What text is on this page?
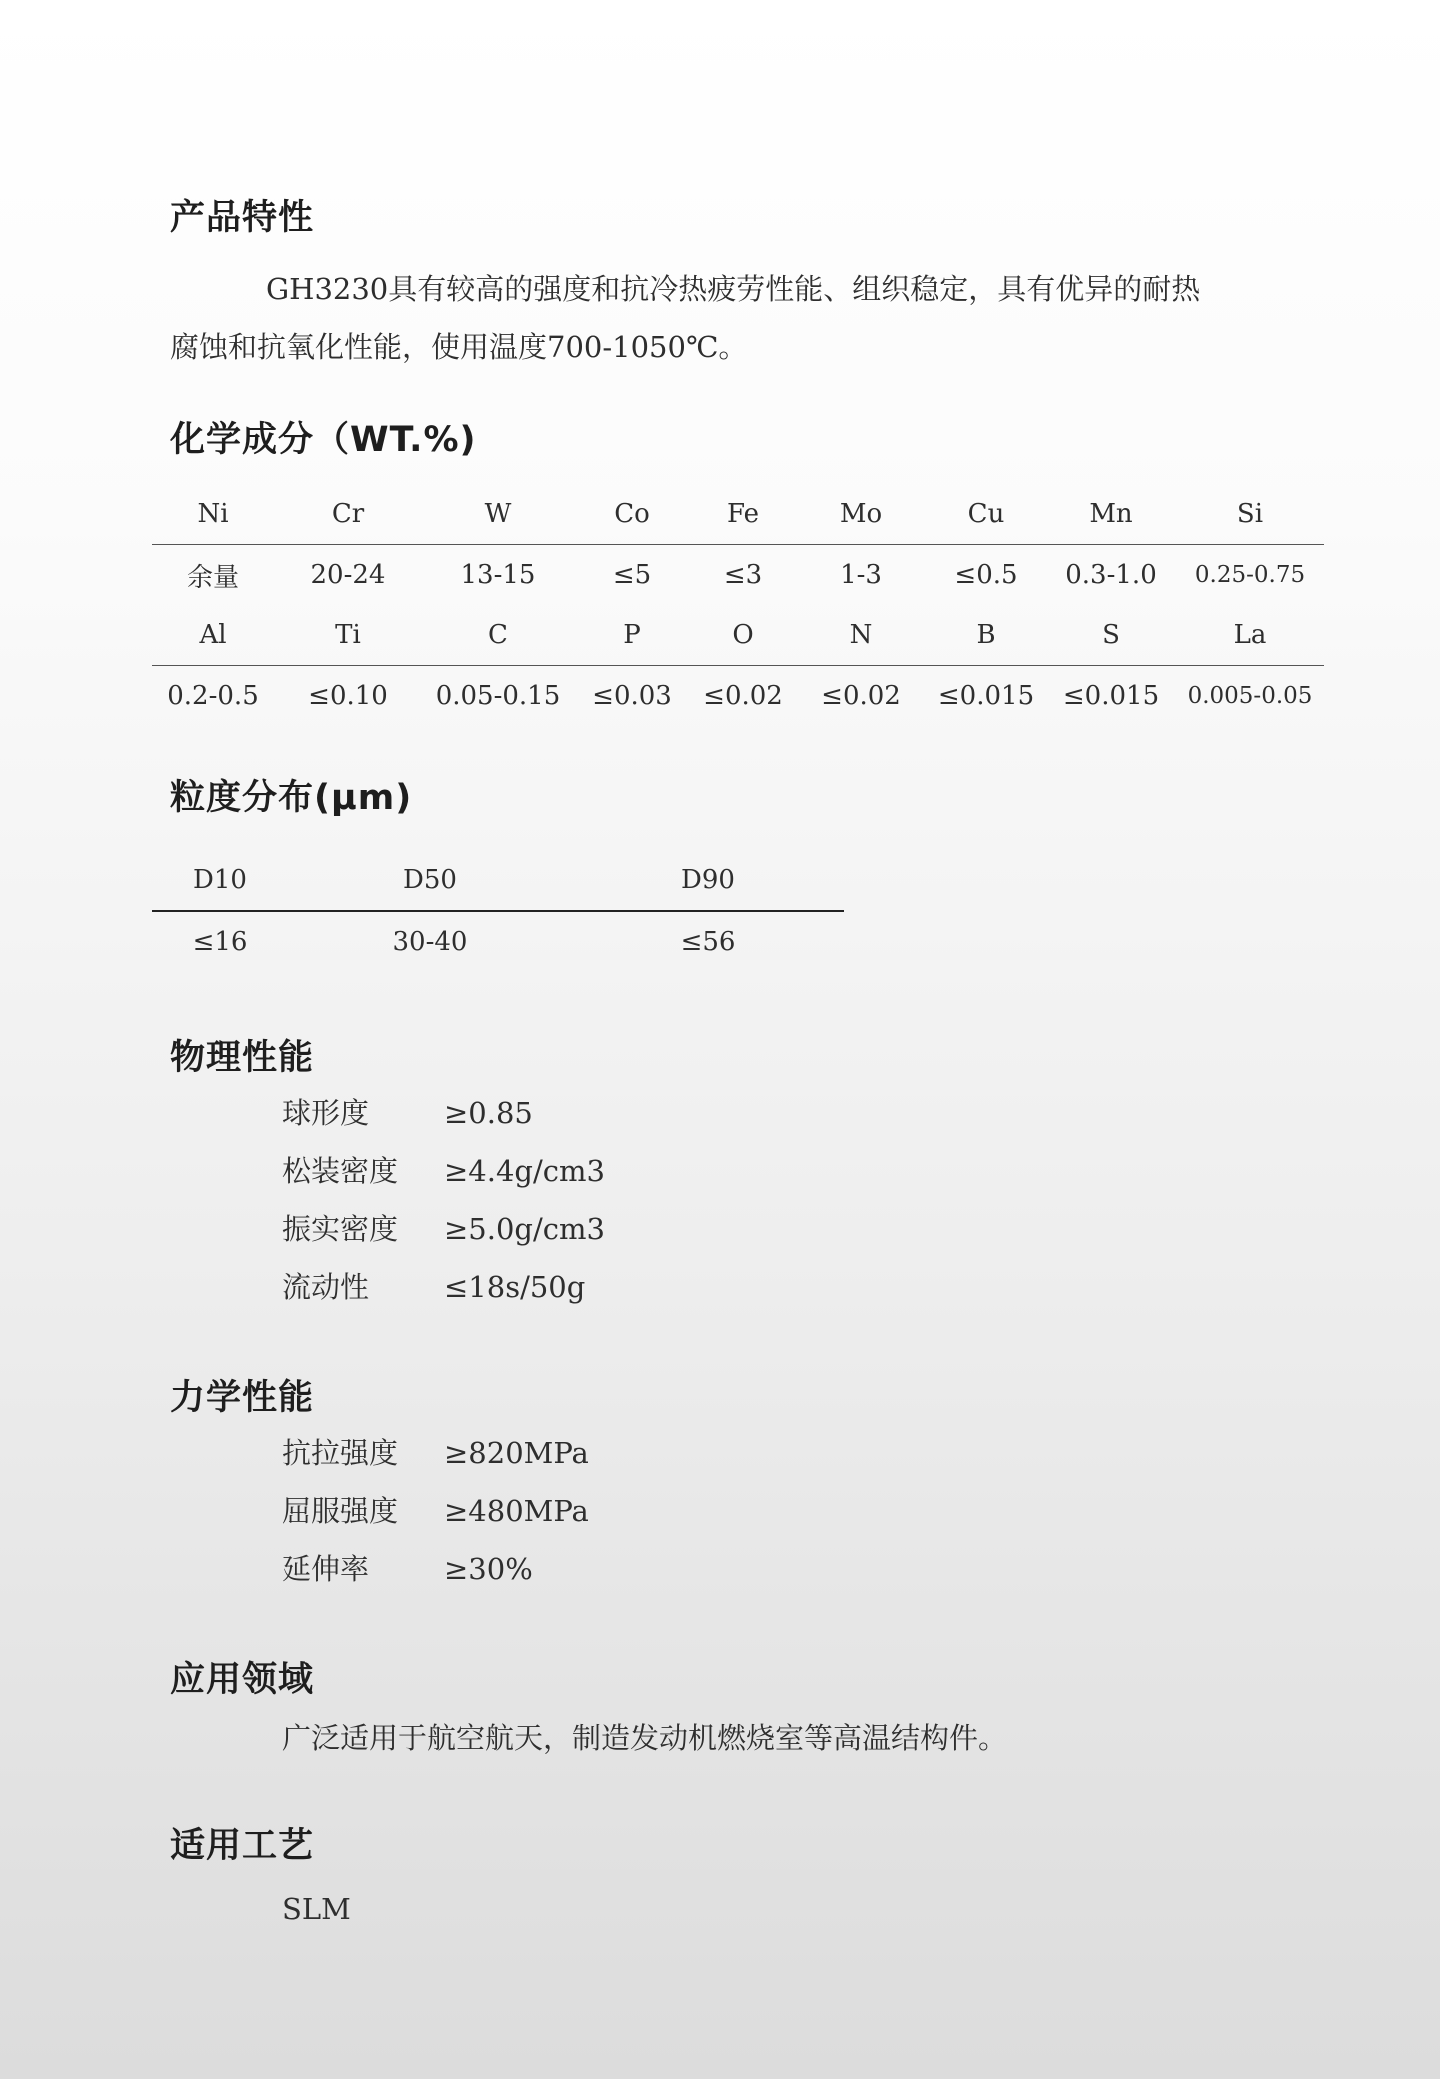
产品特性
GH3230具有较高的强度和抗冷热疲劳性能、组织稳定，具有优异的耐热
腐蚀和抗氧化性能，使用温度700-1050℃。
化学成分（WT.%)
Ni	Cr	W	Co	Fe	Mo	Cu	Mn	Si
余量	20-24	13-15	≤5	≤3	1-3	≤0.5	0.3-1.0	0.25-0.75
Al	Ti	C	P	O	N	B	S	La
0.2-0.5	≤0.10	0.05-0.15	≤0.03	≤0.02	≤0.02	≤0.015	≤0.015	0.005-0.05
粒度分布(μm)
D10	D50	D90
≤16	30-40	≤56
物理性能
球形度	≥0.85
松装密度	≥4.4g/cm3
振实密度	≥5.0g/cm3
流动性	≤18s/50g
力学性能
抗拉强度	≥820MPa
屈服强度	≥480MPa
延伸率	≥30%
应用领域
广泛适用于航空航天，制造发动机燃烧室等高温结构件。
适用工艺
SLM
